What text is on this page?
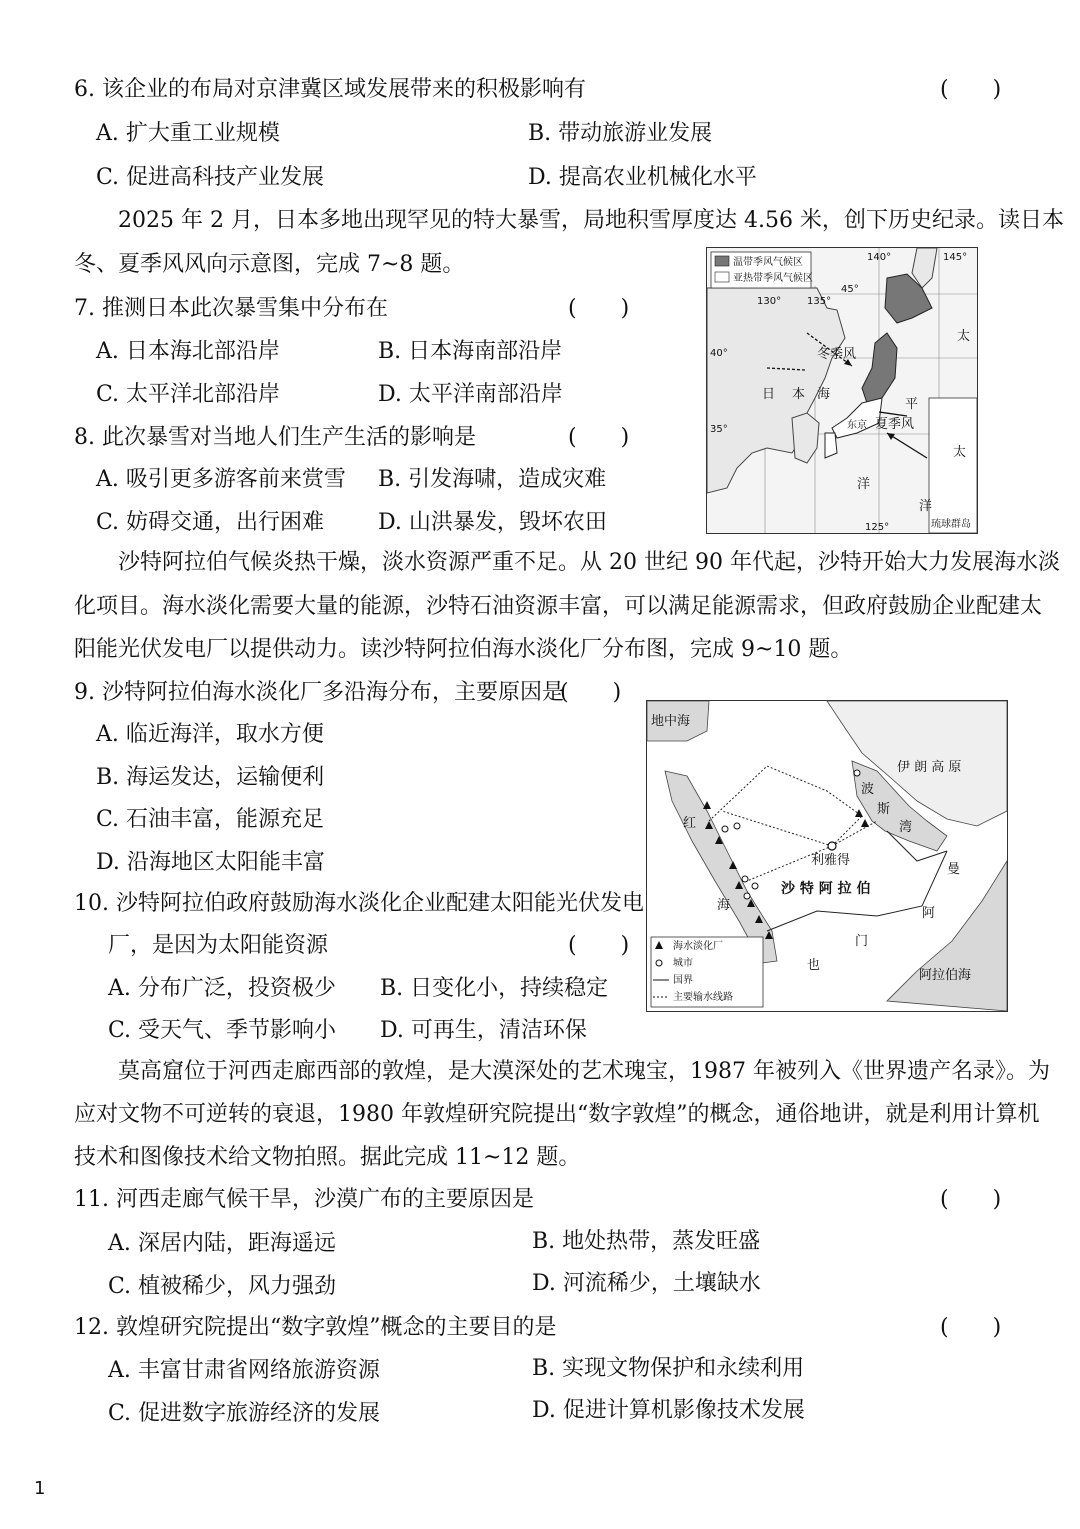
6. 该企业的布局对京津冀区域发展带来的积极影响有	(　　)
A. 扩大重工业规模	B. 带动旅游业发展
C. 促进高科技产业发展	D. 提高农业机械化水平
2025 年 2 月，日本多地出现罕见的特大暴雪，局地积雪厚度达 4.56 米，创下历史纪录。读日本
冬、夏季风风向示意图，完成 7~8 题。
7. 推测日本此次暴雪集中分布在	(　　)
A. 日本海北部沿岸	B. 日本海南部沿岸
C. 太平洋北部沿岸	D. 太平洋南部沿岸
8. 此次暴雪对当地人们生产生活的影响是	(　　)
A. 吸引更多游客前来赏雪 B. 引发海啸，造成灾难
C. 妨碍交通，出行困难 D. 山洪暴发，毁坏农田
温带季风气候区
亚热带季风气候区
130°	135°
140°	145°
45°
40°
35°
125°
冬季风
夏季风
日 本 海
太
平
洋
东京
太
洋
琉球群岛
沙特阿拉伯气候炎热干燥，淡水资源严重不足。从 20 世纪 90 年代起，沙特开始大力发展海水淡
化项目。海水淡化需要大量的能源，沙特石油资源丰富，可以满足能源需求，但政府鼓励企业配建太
阳能光伏发电厂以提供动力。读沙特阿拉伯海水淡化厂分布图，完成 9~10 题。
9. 沙特阿拉伯海水淡化厂多沿海分布，主要原因是
(　　)
A. 临近海洋，取水方便
B. 海运发达，运输便利
C. 石油丰富，能源充足
D. 沿海地区太阳能丰富
10. 沙特阿拉伯政府鼓励海水淡化企业配建太阳能光伏发电
厂，是因为太阳能资源	(　　)
A. 分布广泛，投资极少 B. 日变化小，持续稳定
C. 受天气、季节影响小 D. 可再生，清洁环保
利雅得
地中海
伊 朗 高 原
波
斯
湾
红
海
沙 特 阿 拉 伯
曼
阿
门
也
阿拉伯海
海水淡化厂
城市
国界
主要输水线路
莫高窟位于河西走廊西部的敦煌，是大漠深处的艺术瑰宝，1987 年被列入《世界遗产名录》。为
应对文物不可逆转的衰退，1980 年敦煌研究院提出“数字敦煌”的概念，通俗地讲，就是利用计算机
技术和图像技术给文物拍照。据此完成 11~12 题。
11. 河西走廊气候干旱，沙漠广布的主要原因是	(　　)
A. 深居内陆，距海遥远	B. 地处热带，蒸发旺盛
C. 植被稀少，风力强劲	D. 河流稀少，土壤缺水
12. 敦煌研究院提出“数字敦煌”概念的主要目的是	(　　)
A. 丰富甘肃省网络旅游资源	B. 实现文物保护和永续利用
C. 促进数字旅游经济的发展	D. 促进计算机影像技术发展
1
